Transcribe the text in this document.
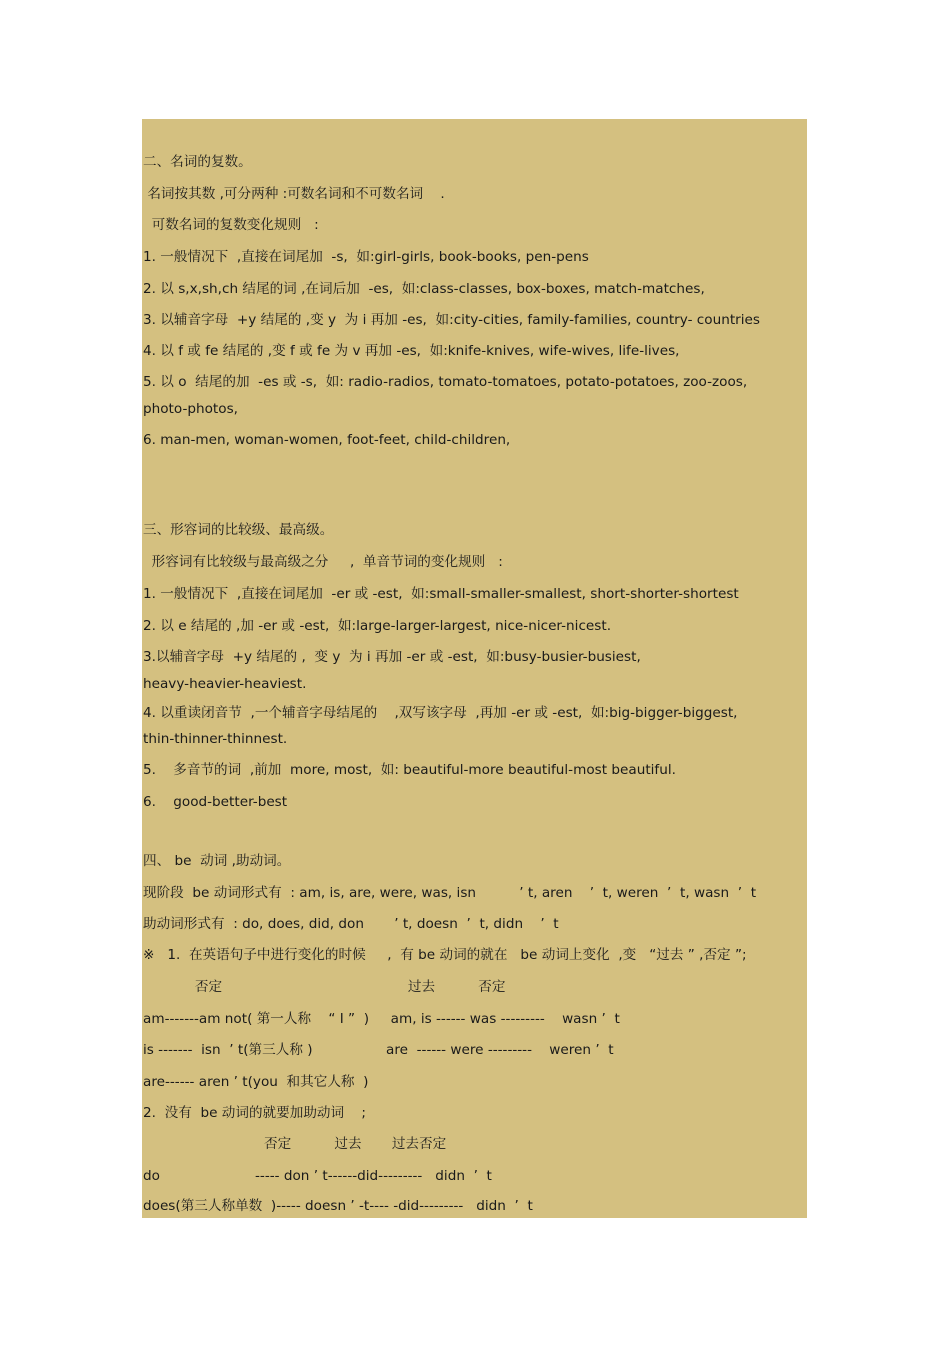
二、名词的复数。
名词按其数 ,可分两种 :可数名词和不可数名词    .
可数名词的复数变化规则   :
1. 一般情况下  ,直接在词尾加  -s,  如:girl-girls, book-books, pen-pens
2. 以 s,x,sh,ch 结尾的词 ,在词后加  -es,  如:class-classes, box-boxes, match-matches,
3. 以辅音字母  +y 结尾的 ,变 y  为 i 再加 -es,  如:city-cities, family-families, country- countries
4. 以 f 或 fe 结尾的 ,变 f 或 fe 为 v 再加 -es,  如:knife-knives, wife-wives, life-lives,
5. 以 o  结尾的加  -es 或 -s,  如: radio-radios, tomato-tomatoes, potato-potatoes, zoo-zoos,
photo-photos,
6. man-men, woman-women, foot-feet, child-children,
三、形容词的比较级、最高级。
形容词有比较级与最高级之分     ,  单音节词的变化规则   :
1. 一般情况下  ,直接在词尾加  -er 或 -est,  如:small-smaller-smallest, short-shorter-shortest
2. 以 e 结尾的 ,加 -er 或 -est,  如:large-larger-largest, nice-nicer-nicest.
3.以辅音字母  +y 结尾的 ,  变 y  为 i 再加 -er 或 -est,  如:busy-busier-busiest,
heavy-heavier-heaviest.
4. 以重读闭音节  ,一个辅音字母结尾的    ,双写该字母  ,再加 -er 或 -est,  如:big-bigger-biggest,
thin-thinner-thinnest.
5.    多音节的词  ,前加  more, most,  如: beautiful-more beautiful-most beautiful.
6.    good-better-best
四、 be  动词 ,助动词。
现阶段  be 动词形式有  : am, is, are, were, was, isn          ’ t, aren    ’  t, weren  ’  t, wasn  ’  t
助动词形式有  : do, does, did, don       ’ t, doesn  ’  t, didn    ’  t
※   1.  在英语句子中进行变化的时候     ,  有 be 动词的就在   be 动词上变化  ,变   “过去 ” ,否定 ”;
否定                                           过去          否定
am-------am not( 第一人称    “ I ”  )     am, is ------ was ---------    wasn ’  t
is -------  isn  ’ t(第三人称 )                 are  ------ were ---------    weren ’  t
are------ aren ’ t(you  和其它人称  )
2.  没有  be 动词的就要加助动词    ;
否定          过去       过去否定
do                      ----- don ’ t------did---------   didn  ’  t
does(第三人称单数  )----- doesn ’ -t---- -did---------   didn  ’  t
